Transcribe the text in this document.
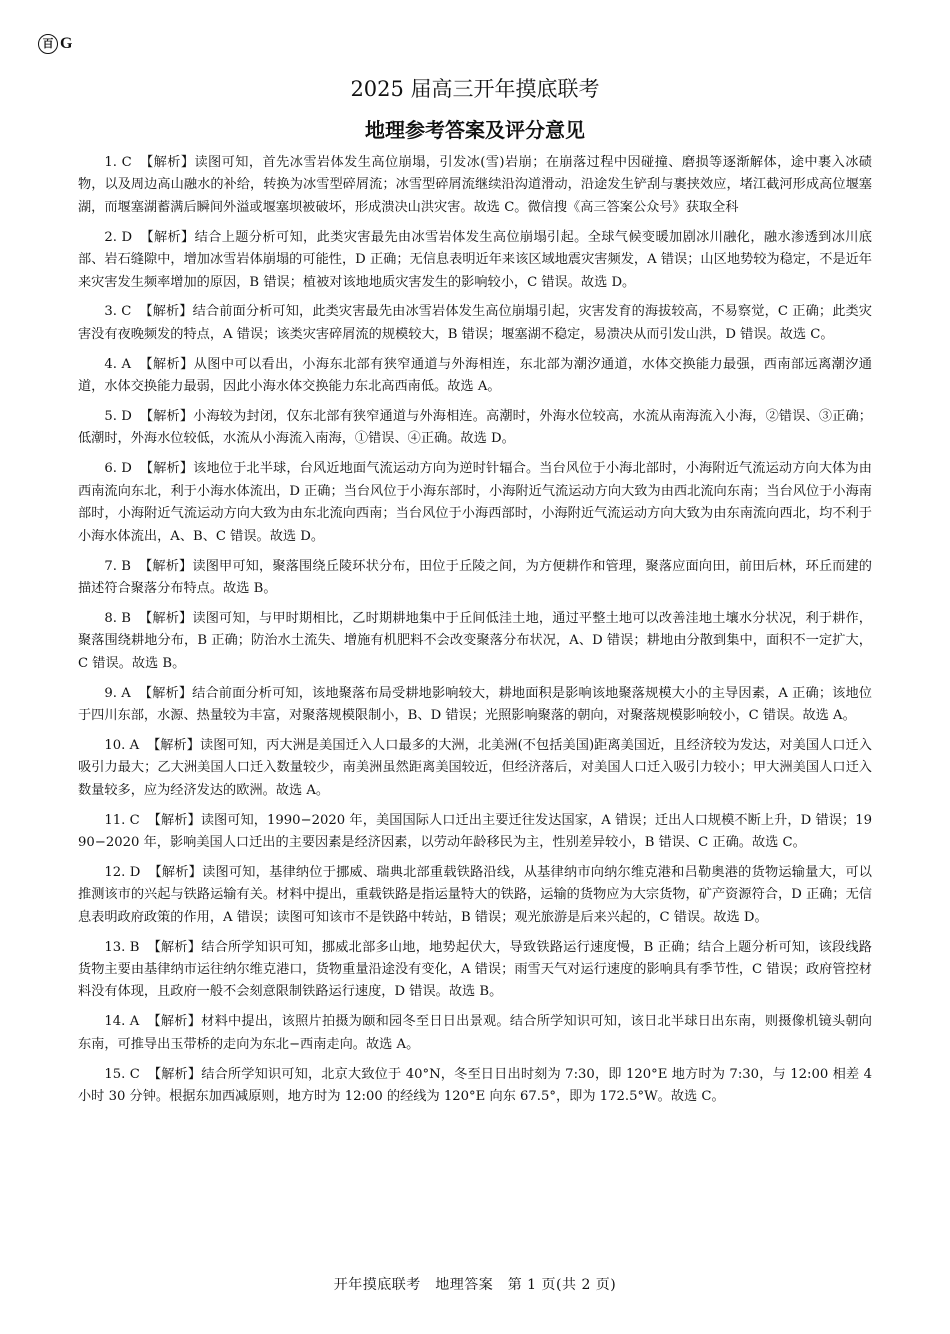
百 G
2025 届高三开年摸底联考
地理参考答案及评分意见

1. C 【解析】读图可知，首先冰雪岩体发生高位崩塌，引发冰(雪)岩崩；在崩落过程中因碰撞、磨损等逐渐解体，途中裹入冰碛物，以及周边高山融水的补给，转换为冰雪型碎屑流；冰雪型碎屑流继续沿沟道滑动，沿途发生铲刮与裹挟效应，堵江截河形成高位堰塞湖，而堰塞湖蓄满后瞬间外溢或堰塞坝被破坏，形成溃决山洪灾害。故选 C。微信搜《高三答案公众号》获取全科

2. D 【解析】结合上题分析可知，此类灾害最先由冰雪岩体发生高位崩塌引起。全球气候变暖加剧冰川融化，融水渗透到冰川底部、岩石缝隙中，增加冰雪岩体崩塌的可能性，D 正确；无信息表明近年来该区域地震灾害频发，A 错误；山区地势较为稳定，不是近年来灾害发生频率增加的原因，B 错误；植被对该地地质灾害发生的影响较小，C 错误。故选 D。

3. C 【解析】结合前面分析可知，此类灾害最先由冰雪岩体发生高位崩塌引起，灾害发育的海拔较高，不易察觉，C 正确；此类灾害没有夜晚频发的特点，A 错误；该类灾害碎屑流的规模较大，B 错误；堰塞湖不稳定，易溃决从而引发山洪，D 错误。故选 C。

4. A 【解析】从图中可以看出，小海东北部有狭窄通道与外海相连，东北部为潮汐通道，水体交换能力最强，西南部远离潮汐通道，水体交换能力最弱，因此小海水体交换能力东北高西南低。故选 A。

5. D 【解析】小海较为封闭，仅东北部有狭窄通道与外海相连。高潮时，外海水位较高，水流从南海流入小海，②错误、③正确；低潮时，外海水位较低，水流从小海流入南海，①错误、④正确。故选 D。

6. D 【解析】该地位于北半球，台风近地面气流运动方向为逆时针辐合。当台风位于小海北部时，小海附近气流运动方向大体为由西南流向东北，利于小海水体流出，D 正确；当台风位于小海东部时，小海附近气流运动方向大致为由西北流向东南；当台风位于小海南部时，小海附近气流运动方向大致为由东北流向西南；当台风位于小海西部时，小海附近气流运动方向大致为由东南流向西北，均不利于小海水体流出，A、B、C 错误。故选 D。

7. B 【解析】读图甲可知，聚落围绕丘陵环状分布，田位于丘陵之间，为方便耕作和管理，聚落应面向田，前田后林，环丘而建的描述符合聚落分布特点。故选 B。

8. B 【解析】读图可知，与甲时期相比，乙时期耕地集中于丘间低洼土地，通过平整土地可以改善洼地土壤水分状况，利于耕作，聚落围绕耕地分布，B 正确；防治水土流失、增施有机肥料不会改变聚落分布状况，A、D 错误；耕地由分散到集中，面积不一定扩大，C 错误。故选 B。

9. A 【解析】结合前面分析可知，该地聚落布局受耕地影响较大，耕地面积是影响该地聚落规模大小的主导因素，A 正确；该地位于四川东部，水源、热量较为丰富，对聚落规模限制小，B、D 错误；光照影响聚落的朝向，对聚落规模影响较小，C 错误。故选 A。

10. A 【解析】读图可知，丙大洲是美国迁入人口最多的大洲，北美洲(不包括美国)距离美国近，且经济较为发达，对美国人口迁入吸引力最大；乙大洲美国人口迁入数量较少，南美洲虽然距离美国较近，但经济落后，对美国人口迁入吸引力较小；甲大洲美国人口迁入数量较多，应为经济发达的欧洲。故选 A。

11. C 【解析】读图可知，1990−2020 年，美国国际人口迁出主要迁往发达国家，A 错误；迁出人口规模不断上升，D 错误；1990−2020 年，影响美国人口迁出的主要因素是经济因素，以劳动年龄移民为主，性别差异较小，B 错误、C 正确。故选 C。

12. D 【解析】读图可知，基律纳位于挪威、瑞典北部重载铁路沿线，从基律纳市向纳尔维克港和吕勒奥港的货物运输量大，可以推测该市的兴起与铁路运输有关。材料中提出，重载铁路是指运量特大的铁路，运输的货物应为大宗货物，矿产资源符合，D 正确；无信息表明政府政策的作用，A 错误；读图可知该市不是铁路中转站，B 错误；观光旅游是后来兴起的，C 错误。故选 D。

13. B 【解析】结合所学知识可知，挪威北部多山地，地势起伏大，导致铁路运行速度慢，B 正确；结合上题分析可知，该段线路货物主要由基律纳市运往纳尔维克港口，货物重量沿途没有变化，A 错误；雨雪天气对运行速度的影响具有季节性，C 错误；政府管控材料没有体现，且政府一般不会刻意限制铁路运行速度，D 错误。故选 B。

14. A 【解析】材料中提出，该照片拍摄为颐和园冬至日日出景观。结合所学知识可知，该日北半球日出东南，则摄像机镜头朝向东南，可推导出玉带桥的走向为东北−西南走向。故选 A。

15. C 【解析】结合所学知识可知，北京大致位于 40°N，冬至日日出时刻为 7:30，即 120°E 地方时为 7:30，与 12:00 相差 4 小时 30 分钟。根据东加西减原则，地方时为 12:00 的经线为 120°E 向东 67.5°，即为 172.5°W。故选 C。

开年摸底联考　地理答案　第 1 页(共 2 页)
